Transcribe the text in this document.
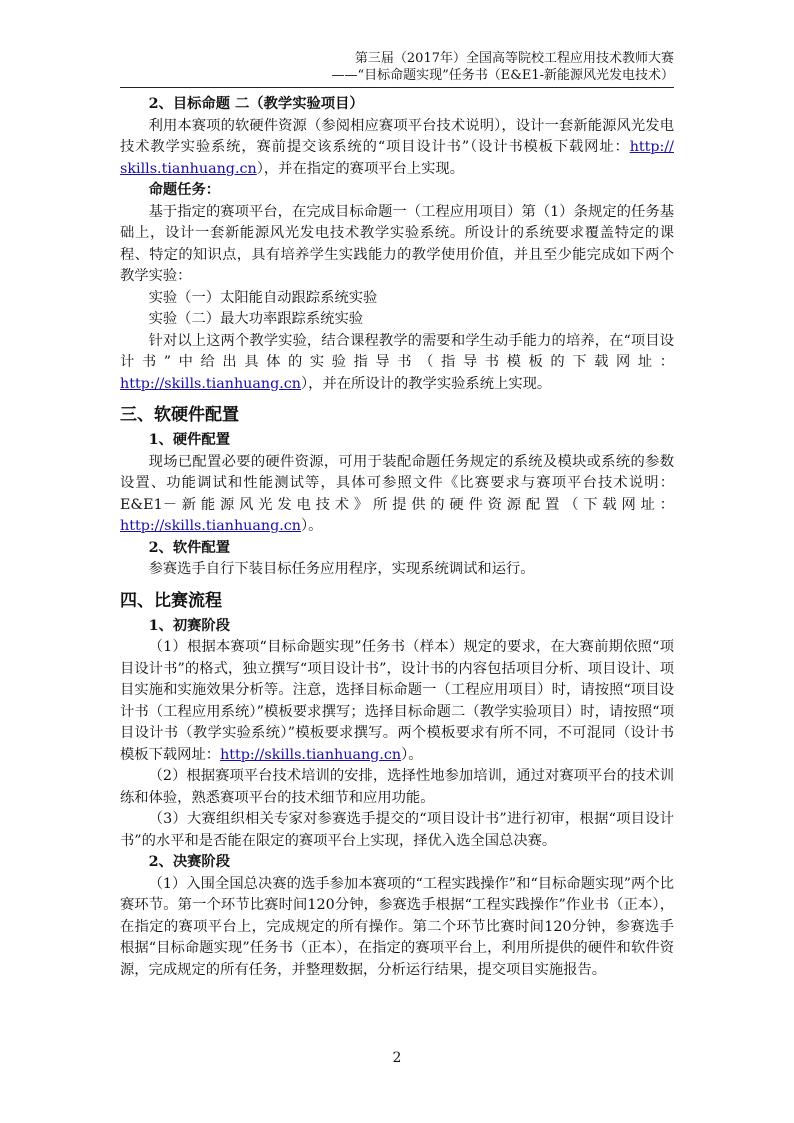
第三届（2017年）全国高等院校工程应用技术教师大赛
——“目标命题实现”任务书（E&E1-新能源风光发电技术）

2、目标命题 二（教学实验项目）

利用本赛项的软硬件资源（参阅相应赛项平台技术说明），设计一套新能源风光发电技术教学实验系统，赛前提交该系统的“项目设计书”（设计书模板下载网址：http:// skills.tianhuang.cn），并在指定的赛项平台上实现。

命题任务：

基于指定的赛项平台，在完成目标命题一（工程应用项目）第（1）条规定的任务基础上，设计一套新能源风光发电技术教学实验系统。所设计的系统要求覆盖特定的课程、特定的知识点，具有培养学生实践能力的教学使用价值，并且至少能完成如下两个教学实验：

实验（一）太阳能自动跟踪系统实验

实验（二）最大功率跟踪系统实验

针对以上这两个教学实验，结合课程教学的需要和学生动手能力的培养，在“项目设计书”中给出具体的实验指导书（指导书模板的下载网址：http://skills.tianhuang.cn），并在所设计的教学实验系统上实现。

三、软硬件配置

1、硬件配置

现场已配置必要的硬件资源，可用于装配命题任务规定的系统及模块或系统的参数设置、功能调试和性能测试等，具体可参照文件《比赛要求与赛项平台技术说明：E&E1－新能源风光发电技术》所提供的硬件资源配置（下载网址：http://skills.tianhuang.cn）。

2、软件配置

参赛选手自行下装目标任务应用程序，实现系统调试和运行。

四、比赛流程

1、初赛阶段

（1）根据本赛项“目标命题实现”任务书（样本）规定的要求，在大赛前期依照“项目设计书”的格式，独立撰写“项目设计书”，设计书的内容包括项目分析、项目设计、项目实施和实施效果分析等。注意，选择目标命题一（工程应用项目）时，请按照“项目设计书（工程应用系统）”模板要求撰写；选择目标命题二（教学实验项目）时，请按照“项目设计书（教学实验系统）”模板要求撰写。两个模板要求有所不同，不可混同（设计书模板下载网址：http://skills.tianhuang.cn）。

（2）根据赛项平台技术培训的安排，选择性地参加培训，通过对赛项平台的技术训练和体验，熟悉赛项平台的技术细节和应用功能。

（3）大赛组织相关专家对参赛选手提交的“项目设计书”进行初审，根据“项目设计书”的水平和是否能在限定的赛项平台上实现，择优入选全国总决赛。

2、决赛阶段

（1）入围全国总决赛的选手参加本赛项的“工程实践操作”和“目标命题实现”两个比赛环节。第一个环节比赛时间120分钟，参赛选手根据“工程实践操作”作业书（正本），在指定的赛项平台上，完成规定的所有操作。第二个环节比赛时间120分钟，参赛选手根据“目标命题实现”任务书（正本），在指定的赛项平台上，利用所提供的硬件和软件资源，完成规定的所有任务，并整理数据，分析运行结果，提交项目实施报告。

2
